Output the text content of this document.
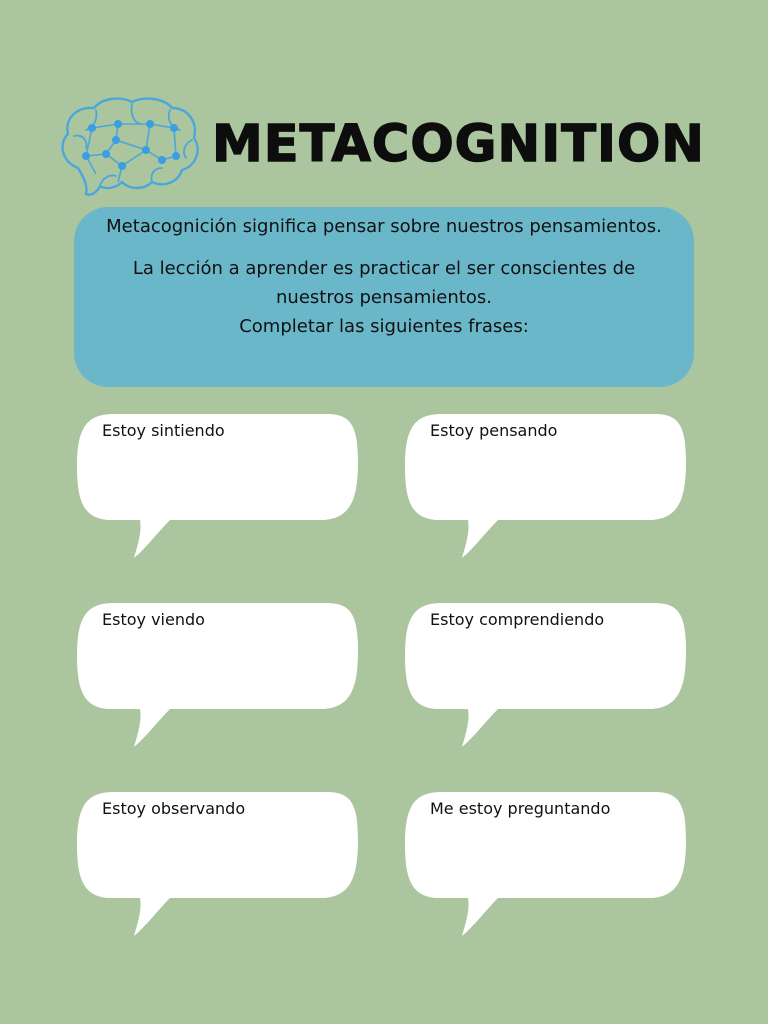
METACOGNITION

Metacognición significa pensar sobre nuestros pensamientos.

La lección a aprender es practicar el ser conscientes de nuestros pensamientos.

Completar las siguientes frases:

Estoy sintiendo	Estoy pensando
Estoy viendo	Estoy comprendiendo
Estoy observando	Me estoy preguntando
